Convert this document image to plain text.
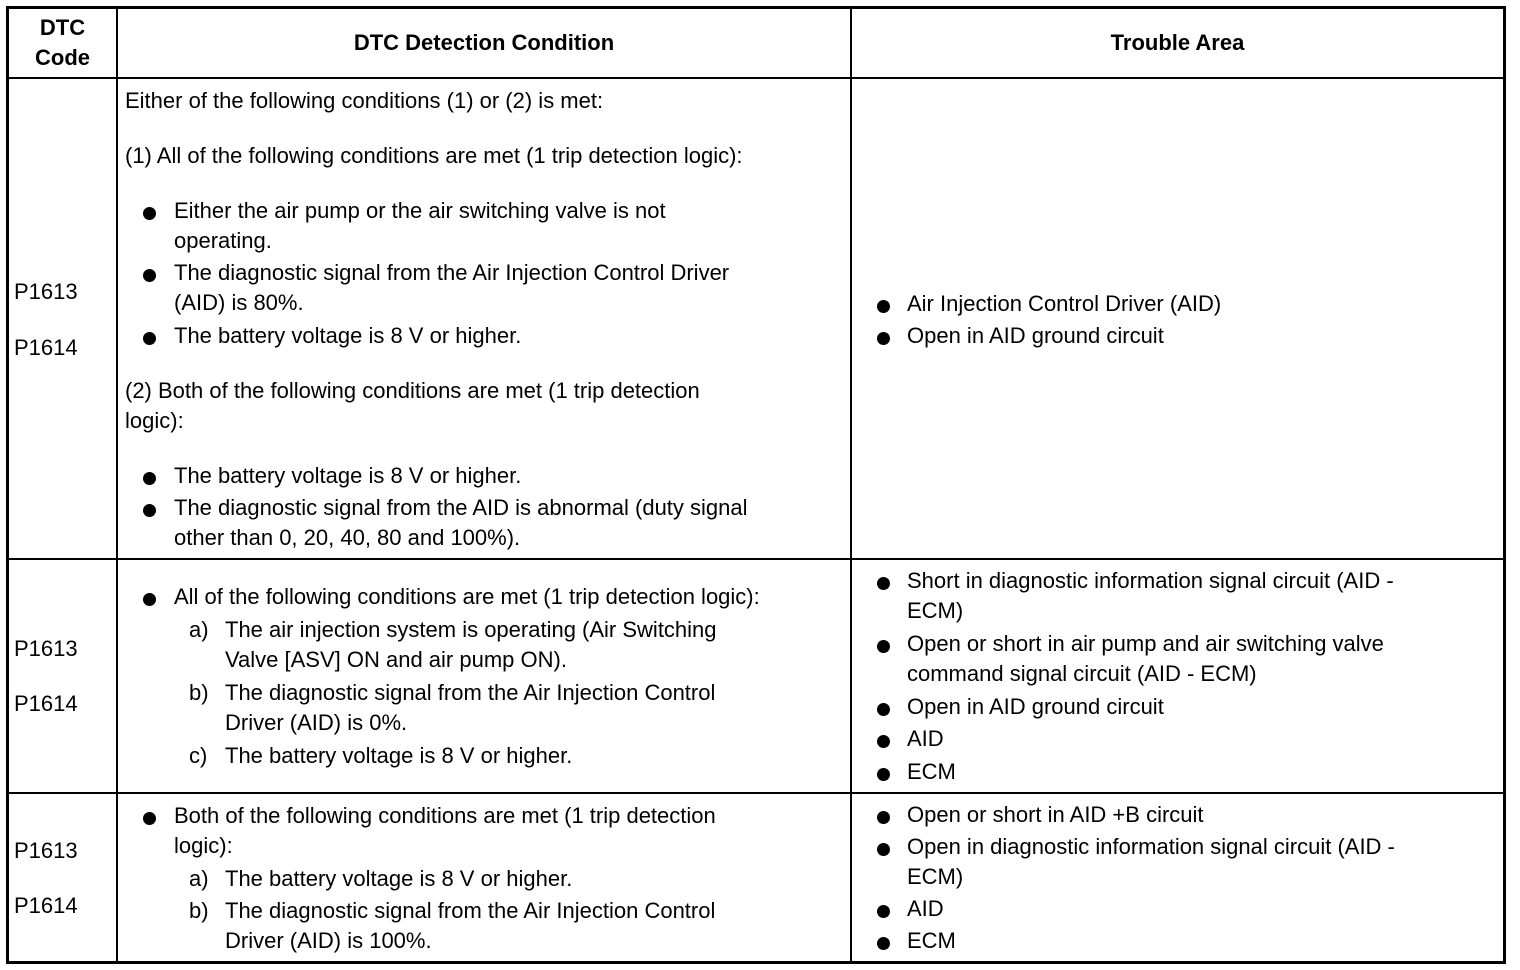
DTC
Code
DTC Detection Condition	Trouble Area
P1613
P1614
Either of the following conditions (1) or (2) is met:
(1) All of the following conditions are met (1 trip detection logic):
Either the air pump or the air switching valve is not
operating.
The diagnostic signal from the Air Injection Control Driver
(AID) is 80%.
The battery voltage is 8 V or higher.
(2) Both of the following conditions are met (1 trip detection
logic):
The battery voltage is 8 V or higher.
The diagnostic signal from the AID is abnormal (duty signal
other than 0, 20, 40, 80 and 100%).
Air Injection Control Driver (AID)
Open in AID ground circuit
P1613
P1614
All of the following conditions are met (1 trip detection logic):
a) The air injection system is operating (Air Switching
Valve [ASV] ON and air pump ON).
b) The diagnostic signal from the Air Injection Control
Driver (AID) is 0%.
c) The battery voltage is 8 V or higher.
Short in diagnostic information signal circuit (AID -
ECM)
Open or short in air pump and air switching valve
command signal circuit (AID - ECM)
Open in AID ground circuit
AID
ECM
P1613
P1614
Both of the following conditions are met (1 trip detection
logic):
a) The battery voltage is 8 V or higher.
b) The diagnostic signal from the Air Injection Control
Driver (AID) is 100%.
Open or short in AID +B circuit
Open in diagnostic information signal circuit (AID -
ECM)
AID
ECM
